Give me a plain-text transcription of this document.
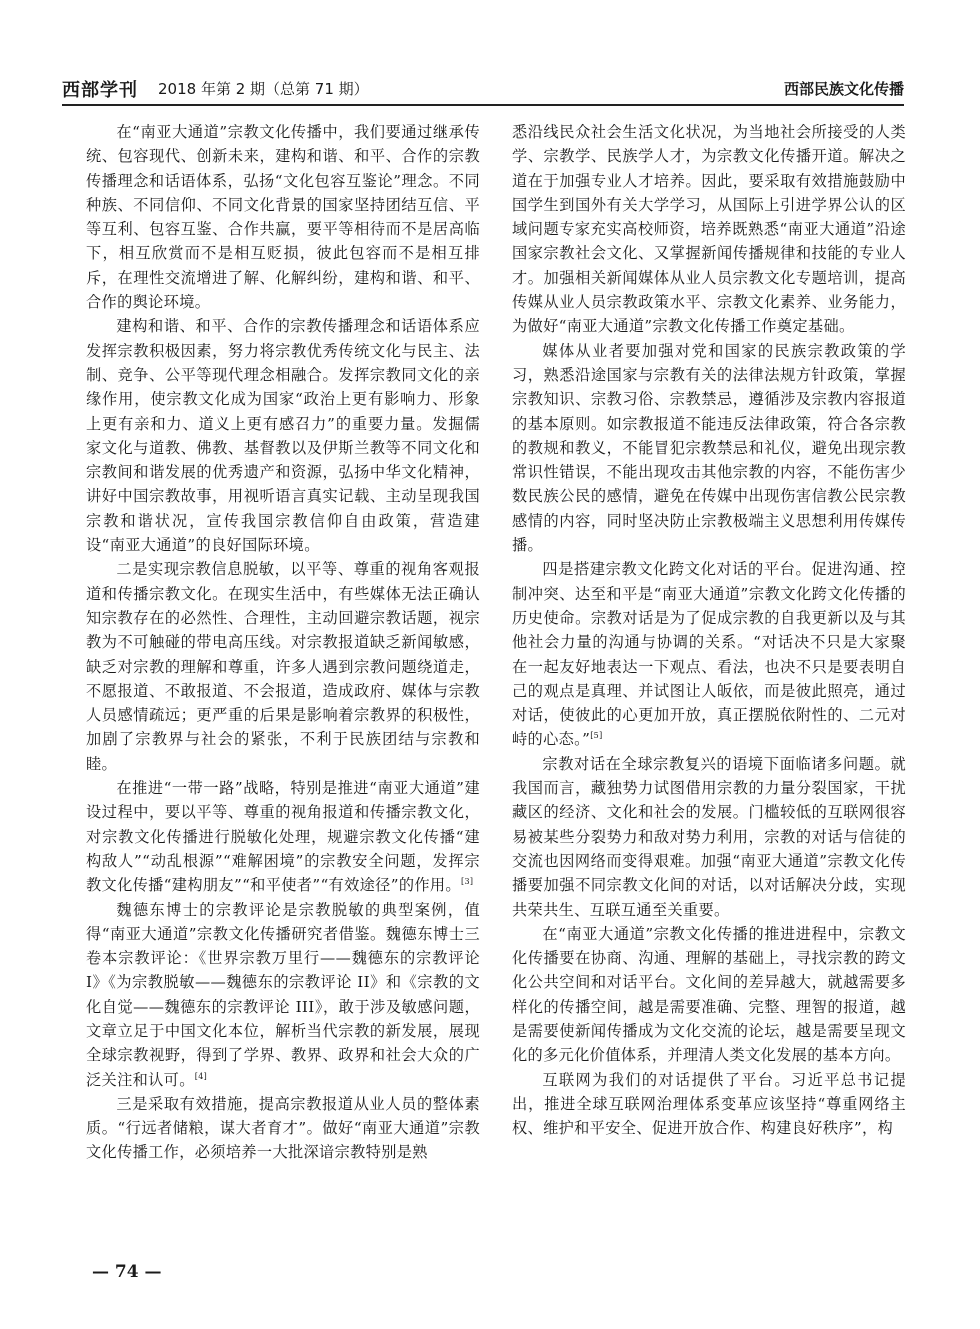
西部学刊 2018 年第 2 期（总第 71 期）	西部民族文化传播

在“南亚大通道”宗教文化传播中，我们要通过继承传统、包容现代、创新未来，建构和谐、和平、合作的宗教传播理念和话语体系，弘扬“文化包容互鉴论”理念。不同种族、不同信仰、不同文化背景的国家坚持团结互信、平等互利、包容互鉴、合作共赢，要平等相待而不是居高临下，相互欣赏而不是相互贬损，彼此包容而不是相互排斥，在理性交流增进了解、化解纠纷，建构和谐、和平、合作的舆论环境。

建构和谐、和平、合作的宗教传播理念和话语体系应发挥宗教积极因素，努力将宗教优秀传统文化与民主、法制、竞争、公平等现代理念相融合。发挥宗教同文化的亲缘作用，使宗教文化成为国家“政治上更有影响力、形象上更有亲和力、道义上更有感召力”的重要力量。发掘儒家文化与道教、佛教、基督教以及伊斯兰教等不同文化和宗教间和谐发展的优秀遗产和资源，弘扬中华文化精神，讲好中国宗教故事，用视听语言真实记载、主动呈现我国宗教和谐状况，宣传我国宗教信仰自由政策，营造建设“南亚大通道”的良好国际环境。

二是实现宗教信息脱敏，以平等、尊重的视角客观报道和传播宗教文化。在现实生活中，有些媒体无法正确认知宗教存在的必然性、合理性，主动回避宗教话题，视宗教为不可触碰的带电高压线。对宗教报道缺乏新闻敏感，缺乏对宗教的理解和尊重，许多人遇到宗教问题绕道走，不愿报道、不敢报道、不会报道，造成政府、媒体与宗教人员感情疏远；更严重的后果是影响着宗教界的积极性，加剧了宗教界与社会的紧张，不利于民族团结与宗教和睦。

在推进“一带一路”战略，特别是推进“南亚大通道”建设过程中，要以平等、尊重的视角报道和传播宗教文化，对宗教文化传播进行脱敏化处理，规避宗教文化传播“建构敌人”“动乱根源”“难解困境”的宗教安全问题，发挥宗教文化传播“建构朋友”“和平使者”“有效途径”的作用。[3]

魏德东博士的宗教评论是宗教脱敏的典型案例，值得“南亚大通道”宗教文化传播研究者借鉴。魏德东博士三卷本宗教评论：《世界宗教万里行——魏德东的宗教评论 I》《为宗教脱敏——魏德东的宗教评论 II》和《宗教的文化自觉——魏德东的宗教评论 III》，敢于涉及敏感问题，文章立足于中国文化本位，解析当代宗教的新发展，展现全球宗教视野，得到了学界、教界、政界和社会大众的广泛关注和认可。[4]

三是采取有效措施，提高宗教报道从业人员的整体素质。“行远者储粮，谋大者育才”。做好“南亚大通道”宗教文化传播工作，必须培养一大批深谙宗教特别是熟

悉沿线民众社会生活文化状况，为当地社会所接受的人类学、宗教学、民族学人才，为宗教文化传播开道。解决之道在于加强专业人才培养。因此，要采取有效措施鼓励中国学生到国外有关大学学习，从国际上引进学界公认的区域问题专家充实高校师资，培养既熟悉“南亚大通道”沿途国家宗教社会文化、又掌握新闻传播规律和技能的专业人才。加强相关新闻媒体从业人员宗教文化专题培训，提高传媒从业人员宗教政策水平、宗教文化素养、业务能力，为做好“南亚大通道”宗教文化传播工作奠定基础。

媒体从业者要加强对党和国家的民族宗教政策的学习，熟悉沿途国家与宗教有关的法律法规方针政策，掌握宗教知识、宗教习俗、宗教禁忌，遵循涉及宗教内容报道的基本原则。如宗教报道不能违反法律政策，符合各宗教的教规和教义，不能冒犯宗教禁忌和礼仪，避免出现宗教常识性错误，不能出现攻击其他宗教的内容，不能伤害少数民族公民的感情，避免在传媒中出现伤害信教公民宗教感情的内容，同时坚决防止宗教极端主义思想利用传媒传播。

四是搭建宗教文化跨文化对话的平台。促进沟通、控制冲突、达至和平是“南亚大通道”宗教文化跨文化传播的历史使命。宗教对话是为了促成宗教的自我更新以及与其他社会力量的沟通与协调的关系。“对话决不只是大家聚在一起友好地表达一下观点、看法，也决不只是要表明自己的观点是真理、并试图让人皈依，而是彼此照亮，通过对话，使彼此的心更加开放，真正摆脱依附性的、二元对峙的心态。”[5]

宗教对话在全球宗教复兴的语境下面临诸多问题。就我国而言，藏独势力试图借用宗教的力量分裂国家，干扰藏区的经济、文化和社会的发展。门槛较低的互联网很容易被某些分裂势力和敌对势力利用，宗教的对话与信徒的交流也因网络而变得艰难。加强“南亚大通道”宗教文化传播要加强不同宗教文化间的对话，以对话解决分歧，实现共荣共生、互联互通至关重要。

在“南亚大通道”宗教文化传播的推进进程中，宗教文化传播要在协商、沟通、理解的基础上，寻找宗教的跨文化公共空间和对话平台。文化间的差异越大，就越需要多样化的传播空间，越是需要准确、完整、理智的报道，越是需要使新闻传播成为文化交流的论坛，越是需要呈现文化的多元化价值体系，并理清人类文化发展的基本方向。

互联网为我们的对话提供了平台。习近平总书记提出，推进全球互联网治理体系变革应该坚持“尊重网络主权、维护和平安全、促进开放合作、构建良好秩序”，构

— 74 —
